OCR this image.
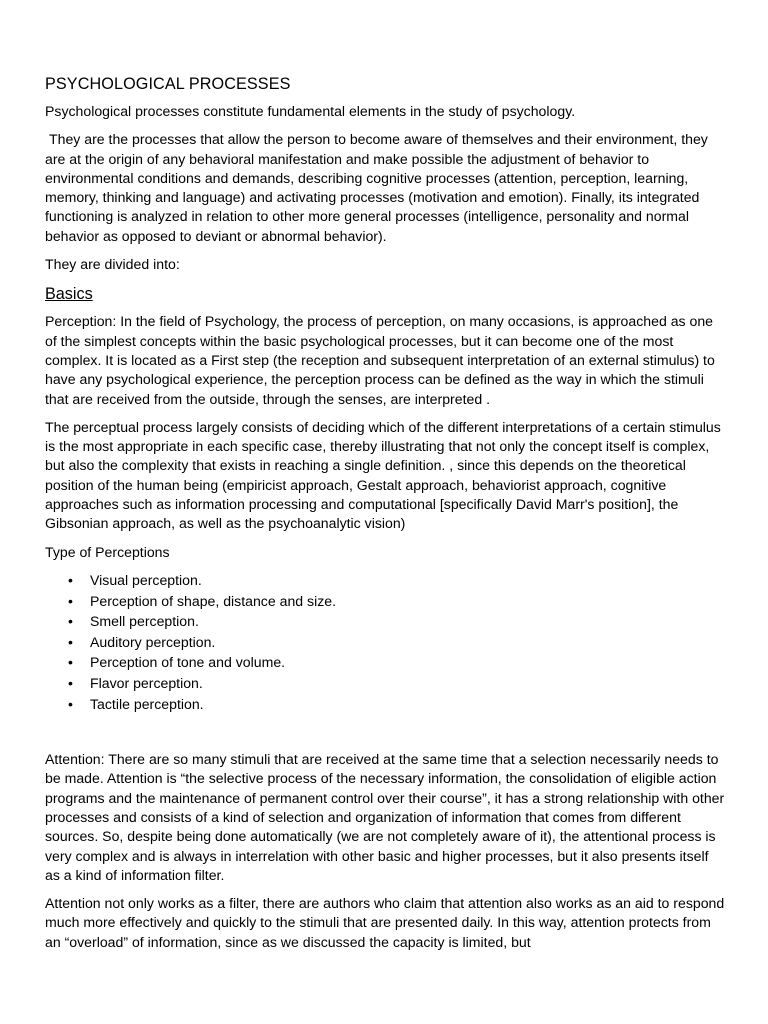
PSYCHOLOGICAL PROCESSES

Psychological processes constitute fundamental elements in the study of psychology.

They are the processes that allow the person to become aware of themselves and their environment, they are at the origin of any behavioral manifestation and make possible the adjustment of behavior to environmental conditions and demands, describing cognitive processes (attention, perception, learning, memory, thinking and language) and activating processes (motivation and emotion). Finally, its integrated functioning is analyzed in relation to other more general processes (intelligence, personality and normal behavior as opposed to deviant or abnormal behavior).

They are divided into:

Basics

Perception: In the field of Psychology, the process of perception, on many occasions, is approached as one of the simplest concepts within the basic psychological processes, but it can become one of the most complex. It is located as a First step (the reception and subsequent interpretation of an external stimulus) to have any psychological experience, the perception process can be defined as the way in which the stimuli that are received from the outside, through the senses, are interpreted .

The perceptual process largely consists of deciding which of the different interpretations of a certain stimulus is the most appropriate in each specific case, thereby illustrating that not only the concept itself is complex, but also the complexity that exists in reaching a single definition. , since this depends on the theoretical position of the human being (empiricist approach, Gestalt approach, behaviorist approach, cognitive approaches such as information processing and computational [specifically David Marr's position], the Gibsonian approach, as well as the psychoanalytic vision)

Type of Perceptions

• Visual perception.
• Perception of shape, distance and size.
• Smell perception.
• Auditory perception.
• Perception of tone and volume.
• Flavor perception.
• Tactile perception.

Attention: There are so many stimuli that are received at the same time that a selection necessarily needs to be made. Attention is “the selective process of the necessary information, the consolidation of eligible action programs and the maintenance of permanent control over their course”, it has a strong relationship with other processes and consists of a kind of selection and organization of information that comes from different sources. So, despite being done automatically (we are not completely aware of it), the attentional process is very complex and is always in interrelation with other basic and higher processes, but it also presents itself as a kind of information filter.

Attention not only works as a filter, there are authors who claim that attention also works as an aid to respond much more effectively and quickly to the stimuli that are presented daily. In this way, attention protects from an “overload” of information, since as we discussed the capacity is limited, but
